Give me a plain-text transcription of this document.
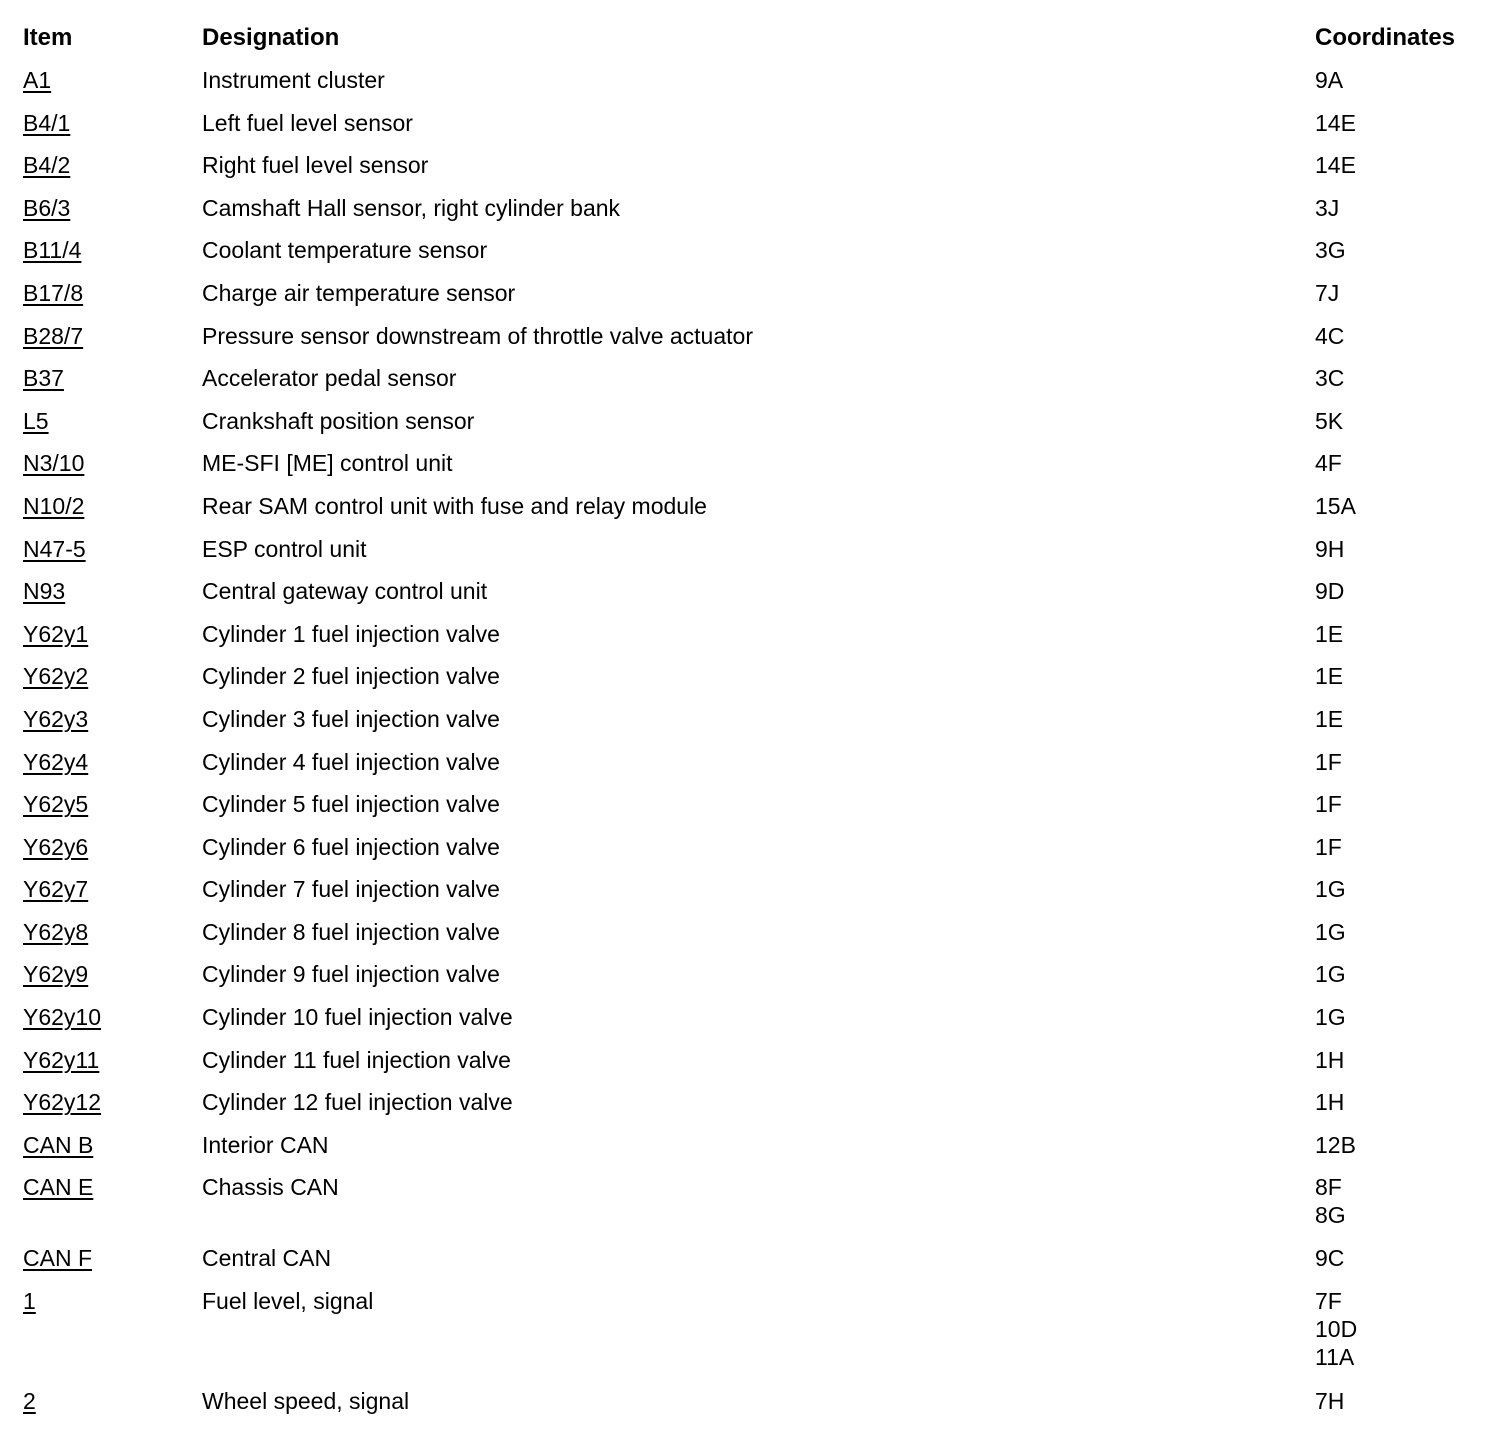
Item	Designation	Coordinates
A1	Instrument cluster	9A
B4/1	Left fuel level sensor	14E
B4/2	Right fuel level sensor	14E
B6/3	Camshaft Hall sensor, right cylinder bank	3J
B11/4	Coolant temperature sensor	3G
B17/8	Charge air temperature sensor	7J
B28/7	Pressure sensor downstream of throttle valve actuator	4C
B37	Accelerator pedal sensor	3C
L5	Crankshaft position sensor	5K
N3/10	ME-SFI [ME] control unit	4F
N10/2	Rear SAM control unit with fuse and relay module	15A
N47-5	ESP control unit	9H
N93	Central gateway control unit	9D
Y62y1	Cylinder 1 fuel injection valve	1E
Y62y2	Cylinder 2 fuel injection valve	1E
Y62y3	Cylinder 3 fuel injection valve	1E
Y62y4	Cylinder 4 fuel injection valve	1F
Y62y5	Cylinder 5 fuel injection valve	1F
Y62y6	Cylinder 6 fuel injection valve	1F
Y62y7	Cylinder 7 fuel injection valve	1G
Y62y8	Cylinder 8 fuel injection valve	1G
Y62y9	Cylinder 9 fuel injection valve	1G
Y62y10	Cylinder 10 fuel injection valve	1G
Y62y11	Cylinder 11 fuel injection valve	1H
Y62y12	Cylinder 12 fuel injection valve	1H
CAN B	Interior CAN	12B
CAN E	Chassis CAN	8F
8G
CAN F	Central CAN	9C
1	Fuel level, signal	7F
10D
11A
2	Wheel speed, signal	7H
